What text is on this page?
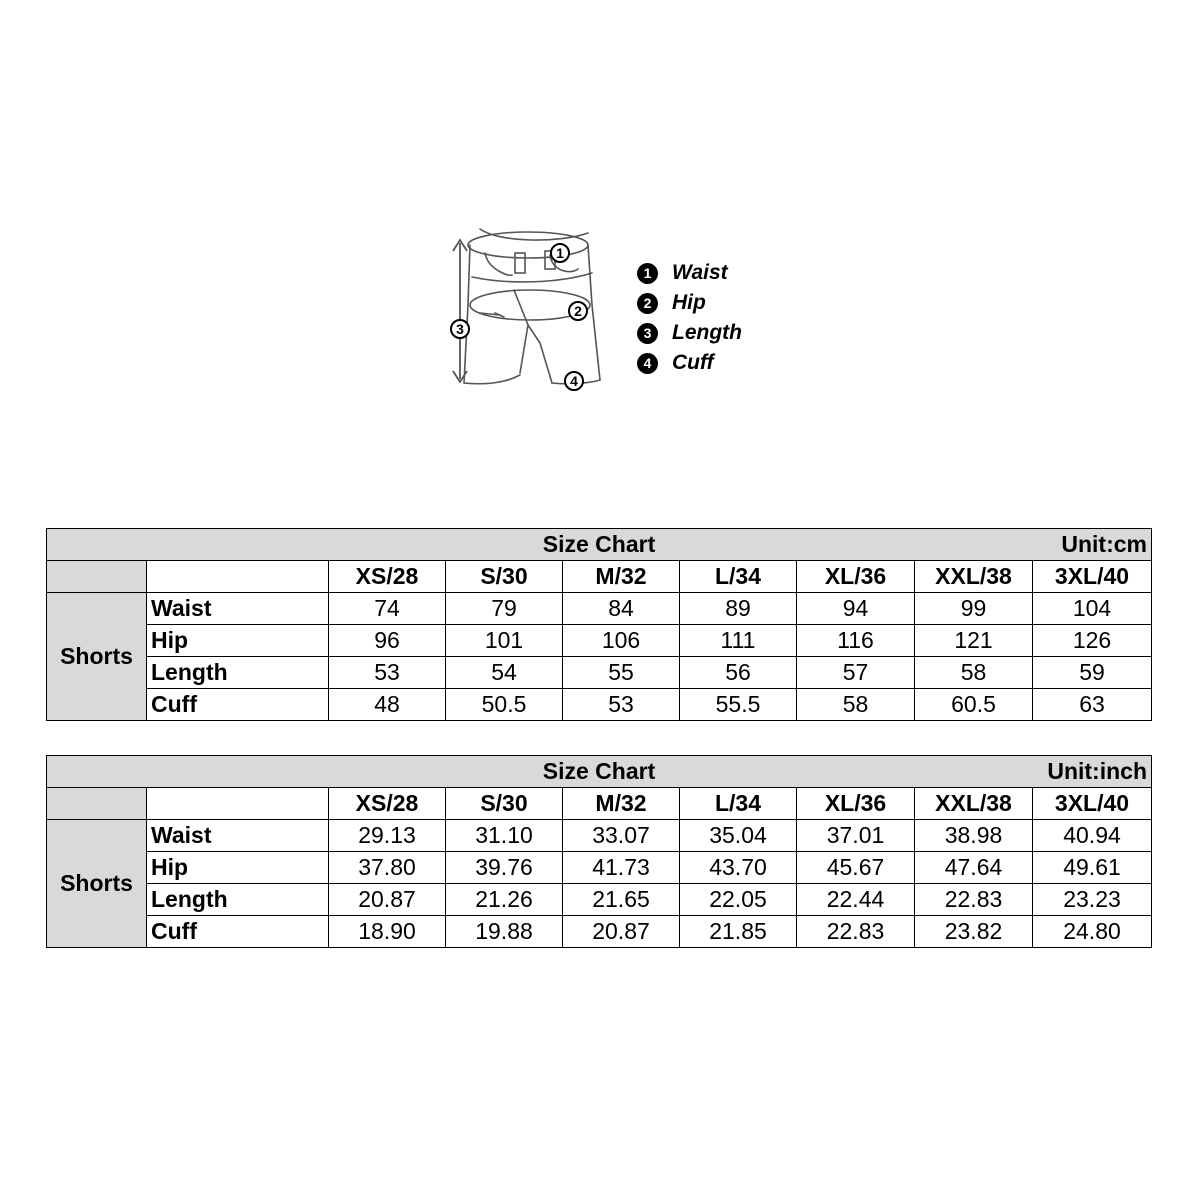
1
2
3
4
1 Waist
2 Hip
3 Length
4 Cuff
Size Chart Unit:cm								

		XS/28	S/30	M/32	L/34	XL/36	XXL/38	3XL/40
Shorts	Waist	74	79	84	89	94	99	104
	Hip	96	101	106	111	116	121	126
	Length	53	54	55	56	57	58	59
	Cuff	48	50.5	53	55.5	58	60.5	63
Size Chart Unit:inch								

		XS/28	S/30	M/32	L/34	XL/36	XXL/38	3XL/40
Shorts	Waist	29.13	31.10	33.07	35.04	37.01	38.98	40.94
	Hip	37.80	39.76	41.73	43.70	45.67	47.64	49.61
	Length	20.87	21.26	21.65	22.05	22.44	22.83	23.23
	Cuff	18.90	19.88	20.87	21.85	22.83	23.82	24.80
